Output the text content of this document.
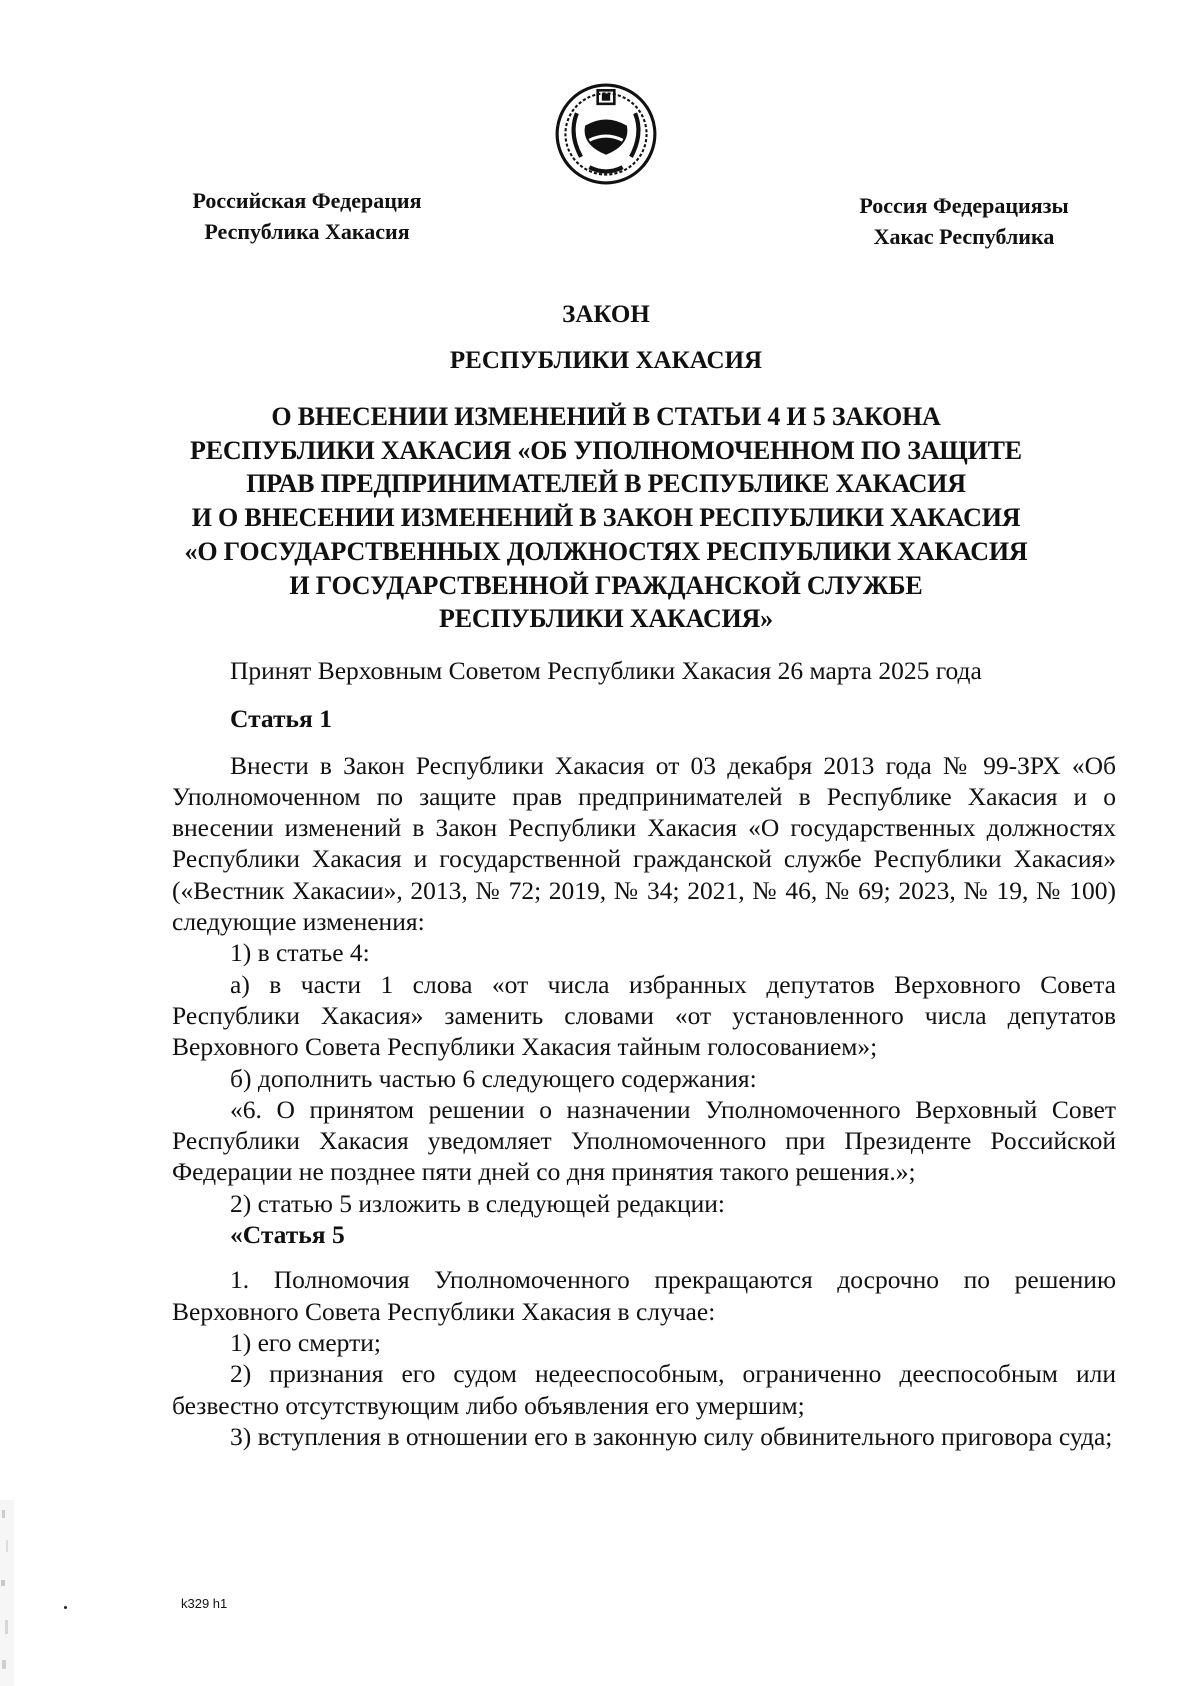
Российская Федерация
Республика Хакасия
Россия Федерациязы
Хакас Республика
ЗАКОН
РЕСПУБЛИКИ ХАКАСИЯ
О ВНЕСЕНИИ ИЗМЕНЕНИЙ В СТАТЬИ 4 И 5 ЗАКОНА
РЕСПУБЛИКИ ХАКАСИЯ «ОБ УПОЛНОМОЧЕННОМ ПО ЗАЩИТЕ
ПРАВ ПРЕДПРИНИМАТЕЛЕЙ В РЕСПУБЛИКЕ ХАКАСИЯ
И О ВНЕСЕНИИ ИЗМЕНЕНИЙ В ЗАКОН РЕСПУБЛИКИ ХАКАСИЯ
«О ГОСУДАРСТВЕННЫХ ДОЛЖНОСТЯХ РЕСПУБЛИКИ ХАКАСИЯ
И ГОСУДАРСТВЕННОЙ ГРАЖДАНСКОЙ СЛУЖБЕ
РЕСПУБЛИКИ ХАКАСИЯ»

Принят Верховным Советом Республики Хакасия 26 марта 2025 года

Статья 1

Внести в Закон Республики Хакасия от 03 декабря 2013 года № 99-ЗРХ «Об Уполномоченном по защите прав предпринимателей в Республике Хакасия и о внесении изменений в Закон Республики Хакасия «О государственных должностях Республики Хакасия и государственной гражданской службе Республики Хакасия» («Вестник Хакасии», 2013, № 72; 2019, № 34; 2021, № 46, № 69; 2023, № 19, № 100) следующие изменения:

1) в статье 4:

а) в части 1 слова «от числа избранных депутатов Верховного Совета Республики Хакасия» заменить словами «от установленного числа депутатов Верховного Совета Республики Хакасия тайным голосованием»;

б) дополнить частью 6 следующего содержания:

«6. О принятом решении о назначении Уполномоченного Верховный Совет Республики Хакасия уведомляет Уполномоченного при Президенте Российской Федерации не позднее пяти дней со дня принятия такого решения.»;

2) статью 5 изложить в следующей редакции:

«Статья 5

1. Полномочия Уполномоченного прекращаются досрочно по решению Верховного Совета Республики Хакасия в случае:

1) его смерти;

2) признания его судом недееспособным, ограниченно дееспособным или безвестно отсутствующим либо объявления его умершим;

3) вступления в отношении его в законную силу обвинительного приговора суда;

k329 h1
